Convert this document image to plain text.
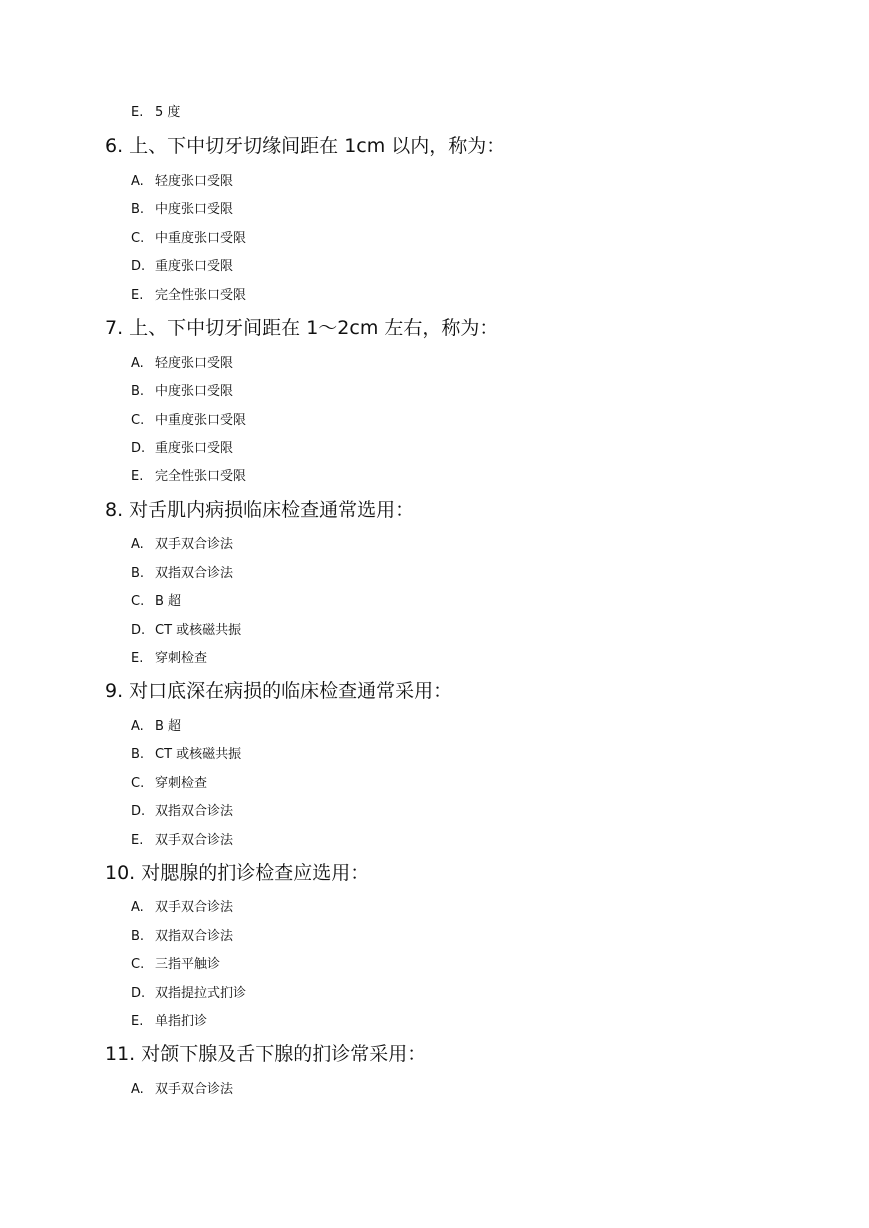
E. 5 度
6. 上、下中切牙切缘间距在 1cm 以内，称为：
A. 轻度张口受限
B. 中度张口受限
C. 中重度张口受限
D. 重度张口受限
E. 完全性张口受限
7. 上、下中切牙间距在 1～2cm 左右，称为：
A. 轻度张口受限
B. 中度张口受限
C. 中重度张口受限
D. 重度张口受限
E. 完全性张口受限
8. 对舌肌内病损临床检查通常选用：
A. 双手双合诊法
B. 双指双合诊法
C. B 超
D. CT 或核磁共振
E. 穿刺检查
9. 对口底深在病损的临床检查通常采用：
A. B 超
B. CT 或核磁共振
C. 穿刺检查
D. 双指双合诊法
E. 双手双合诊法
10. 对腮腺的扪诊检查应选用：
A. 双手双合诊法
B. 双指双合诊法
C. 三指平触诊
D. 双指提拉式扪诊
E. 单指扪诊
11. 对颌下腺及舌下腺的扪诊常采用：
A. 双手双合诊法
